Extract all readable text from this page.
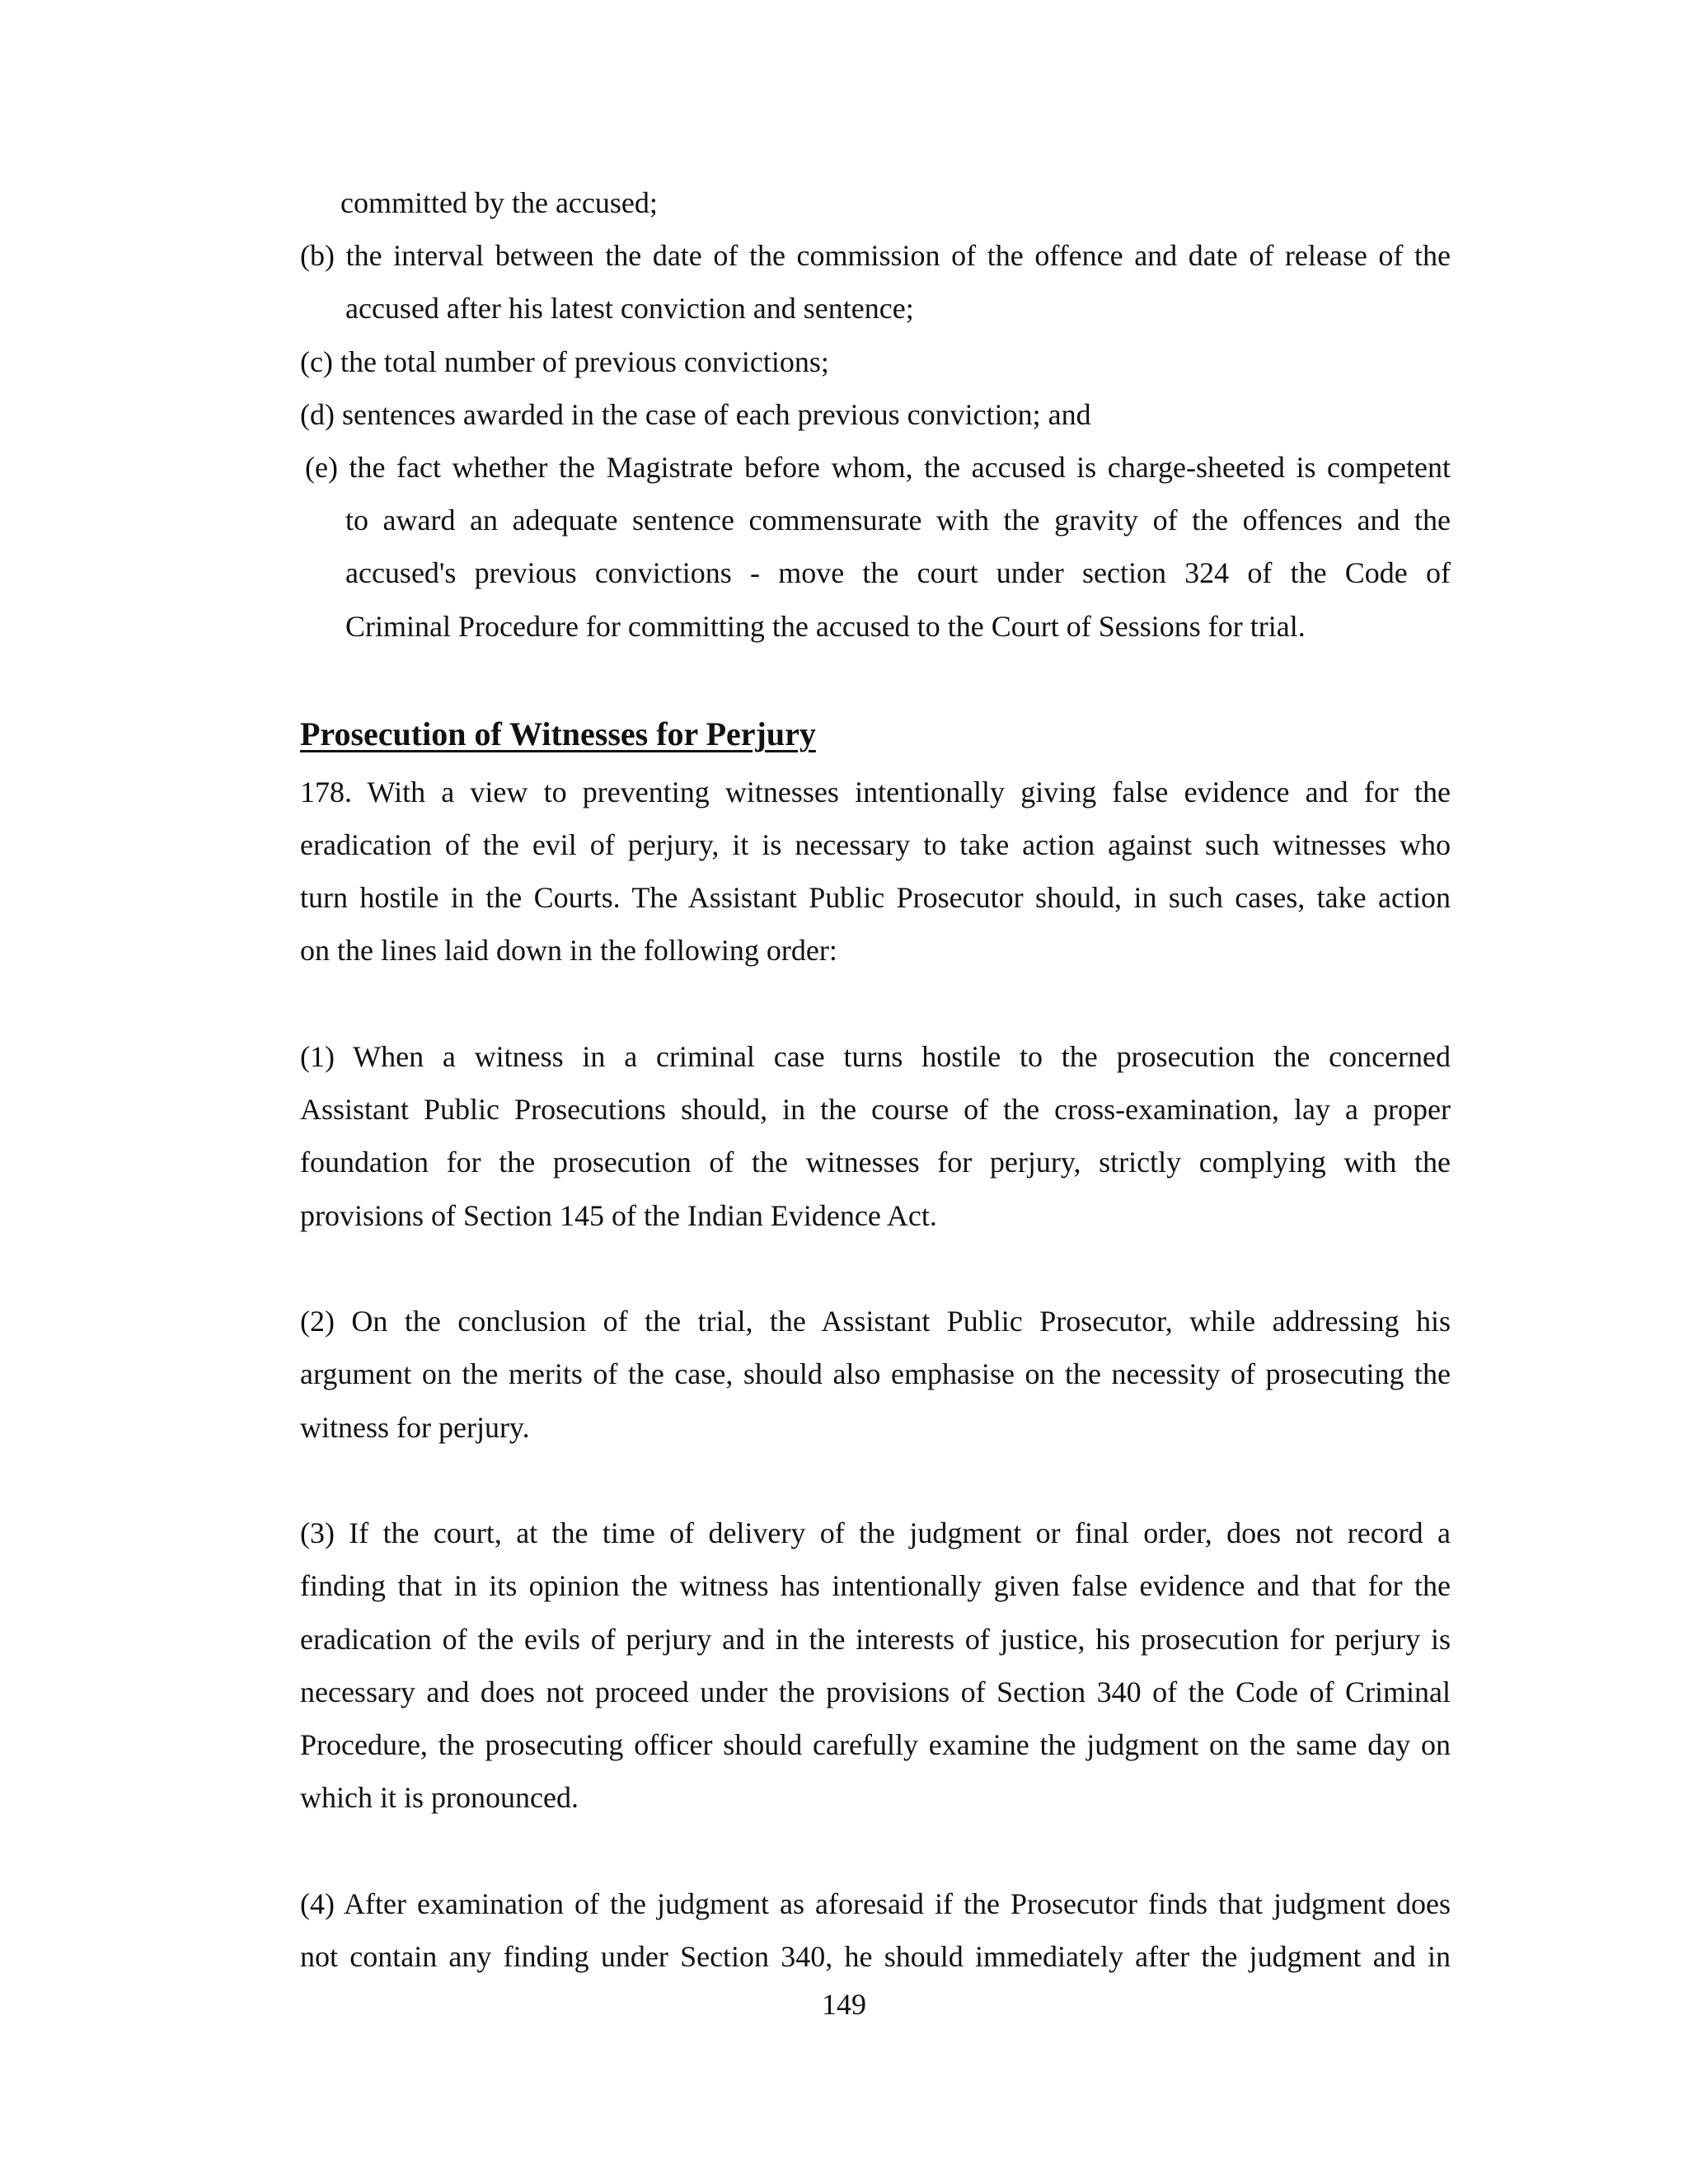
committed by the accused;
(b) the interval between the date of the commission of the offence and date of release of the
accused after his latest conviction and sentence;
(c) the total number of previous convictions;
(d) sentences awarded in the case of each previous conviction; and
(e) the fact whether the Magistrate before whom, the accused is charge-sheeted is competent
to award an adequate sentence commensurate with the gravity of the offences and the
accused's previous convictions - move the court under section 324 of the Code of
Criminal Procedure for committing the accused to the Court of Sessions for trial.
Prosecution of Witnesses for Perjury
178. With a view to preventing witnesses intentionally giving false evidence and for the
eradication of the evil of perjury, it is necessary to take action against such witnesses who
turn hostile in the Courts. The Assistant Public Prosecutor should, in such cases, take action
on the lines laid down in the following order:
(1) When a witness in a criminal case turns hostile to the prosecution the concerned
Assistant Public Prosecutions should, in the course of the cross-examination, lay a proper
foundation for the prosecution of the witnesses for perjury, strictly complying with the
provisions of Section 145 of the Indian Evidence Act.
(2) On the conclusion of the trial, the Assistant Public Prosecutor, while addressing his
argument on the merits of the case, should also emphasise on the necessity of prosecuting the
witness for perjury.
(3) If the court, at the time of delivery of the judgment or final order, does not record a
finding that in its opinion the witness has intentionally given false evidence and that for the
eradication of the evils of perjury and in the interests of justice, his prosecution for perjury is
necessary and does not proceed under the provisions of Section 340 of the Code of Criminal
Procedure, the prosecuting officer should carefully examine the judgment on the same day on
which it is pronounced.
(4) After examination of the judgment as aforesaid if the Prosecutor finds that judgment does
not contain any finding under Section 340, he should immediately after the judgment and in
149
